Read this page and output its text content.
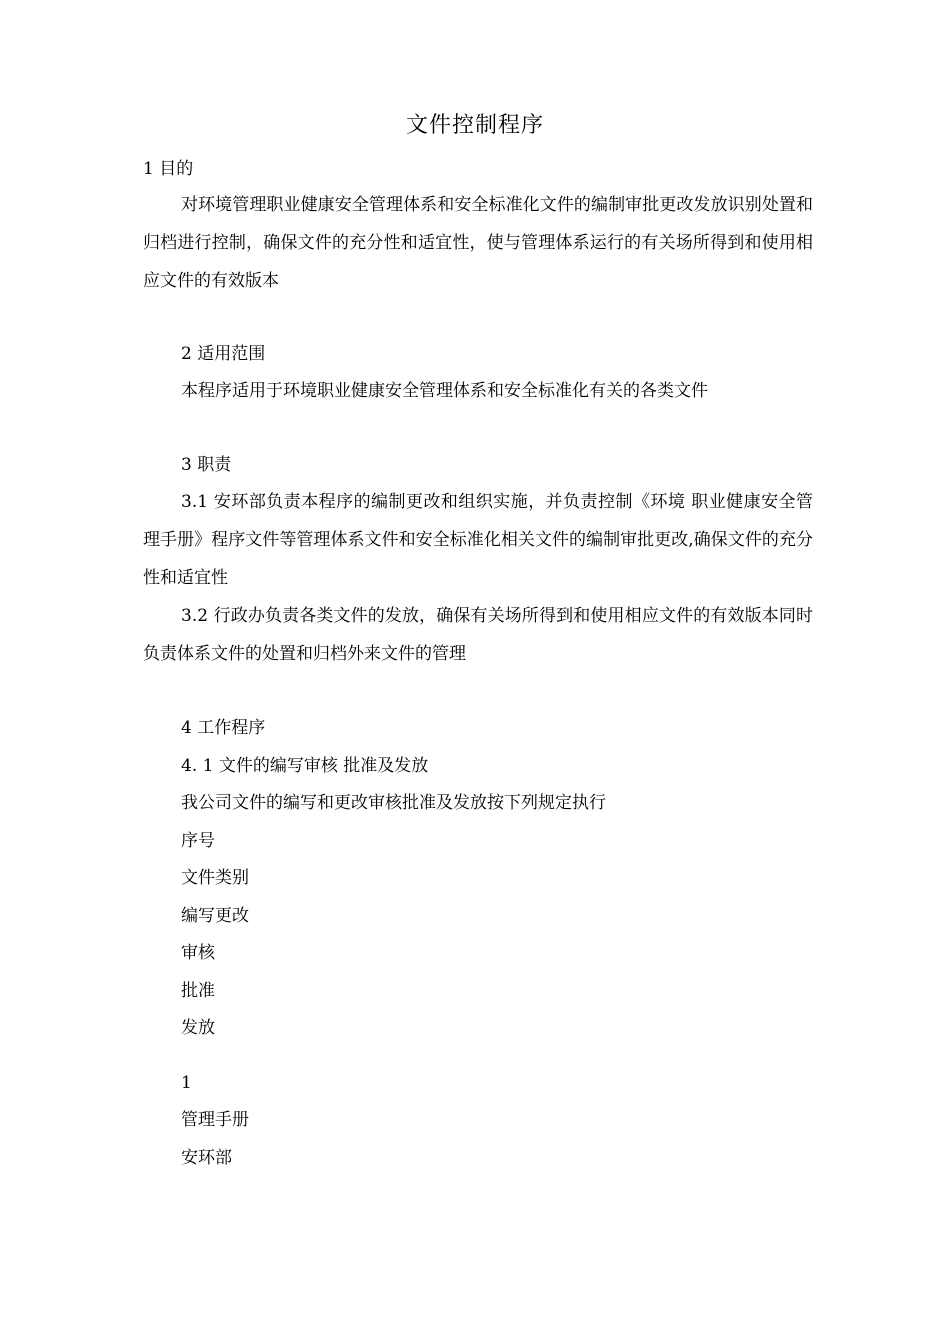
文件控制程序
1 目的
对环境管理职业健康安全管理体系和安全标准化文件的编制审批更改发放识别处置和归档进行控制，确保文件的充分性和适宜性，使与管理体系运行的有关场所得到和使用相应文件的有效版本
2 适用范围
本程序适用于环境职业健康安全管理体系和安全标准化有关的各类文件
3 职责
3.1 安环部负责本程序的编制更改和组织实施，并负责控制《环境 职业健康安全管理手册》程序文件等管理体系文件和安全标准化相关文件的编制审批更改,确保文件的充分性和适宜性
3.2 行政办负责各类文件的发放，确保有关场所得到和使用相应文件的有效版本同时负责体系文件的处置和归档外来文件的管理
4 工作程序
4. 1 文件的编写审核 批准及发放
我公司文件的编写和更改审核批准及发放按下列规定执行
序号
文件类别
编写更改
审核
批准
发放
1
管理手册
安环部
